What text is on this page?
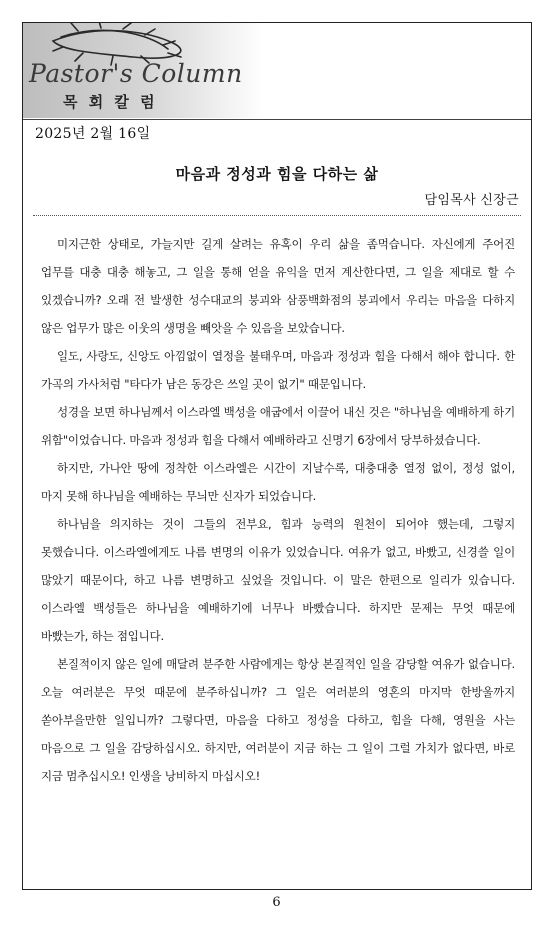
Pastor's Column

목 회 칼 럼

2025년 2월 16일

마음과 정성과 힘을 다하는 삶

담임목사 신장근

미지근한 상태로, 가늘지만 길게 살려는 유혹이 우리 삶을 좀먹습니다. 자신에게 주어진 업무를 대충 대충 해놓고, 그 일을 통해 얻을 유익을 먼저 계산한다면, 그 일을 제대로 할 수 있겠습니까? 오래 전 발생한 성수대교의 붕괴와 삼풍백화점의 붕괴에서 우리는 마음을 다하지 않은 업무가 많은 이웃의 생명을 빼앗을 수 있음을 보았습니다.

일도, 사랑도, 신앙도 아낌없이 열정을 불태우며, 마음과 정성과 힘을 다해서 해야 합니다. 한 가곡의 가사처럼 "타다가 남은 동강은 쓰일 곳이 없기" 때문입니다.

성경을 보면 하나님께서 이스라엘 백성을 애굽에서 이끌어 내신 것은 "하나님을 예배하게 하기 위함"이었습니다. 마음과 정성과 힘을 다해서 예배하라고 신명기 6장에서 당부하셨습니다.

하지만, 가나안 땅에 정착한 이스라엘은 시간이 지날수록, 대충대충 열정 없이, 정성 없이, 마지 못해 하나님을 예배하는 무늬만 신자가 되었습니다.

하나님을 의지하는 것이 그들의 전부요, 힘과 능력의 원천이 되어야 했는데, 그렇지 못했습니다. 이스라엘에게도 나름 변명의 이유가 있었습니다. 여유가 없고, 바빴고, 신경쓸 일이 많았기 때문이다, 하고 나름 변명하고 싶었을 것입니다. 이 말은 한편으로 일리가 있습니다. 이스라엘 백성들은 하나님을 예배하기에 너무나 바빴습니다. 하지만 문제는 무엇 때문에 바빴는가, 하는 점입니다.

본질적이지 않은 일에 매달려 분주한 사람에게는 항상 본질적인 일을 감당할 여유가 없습니다. 오늘 여러분은 무엇 때문에 분주하십니까? 그 일은 여러분의 영혼의 마지막 한방울까지 쏟아부을만한 일입니까? 그렇다면, 마음을 다하고 정성을 다하고, 힘을 다해, 영원을 사는 마음으로 그 일을 감당하십시오. 하지만, 여러분이 지금 하는 그 일이 그럴 가치가 없다면, 바로 지금 멈추십시오! 인생을 낭비하지 마십시오!

6
